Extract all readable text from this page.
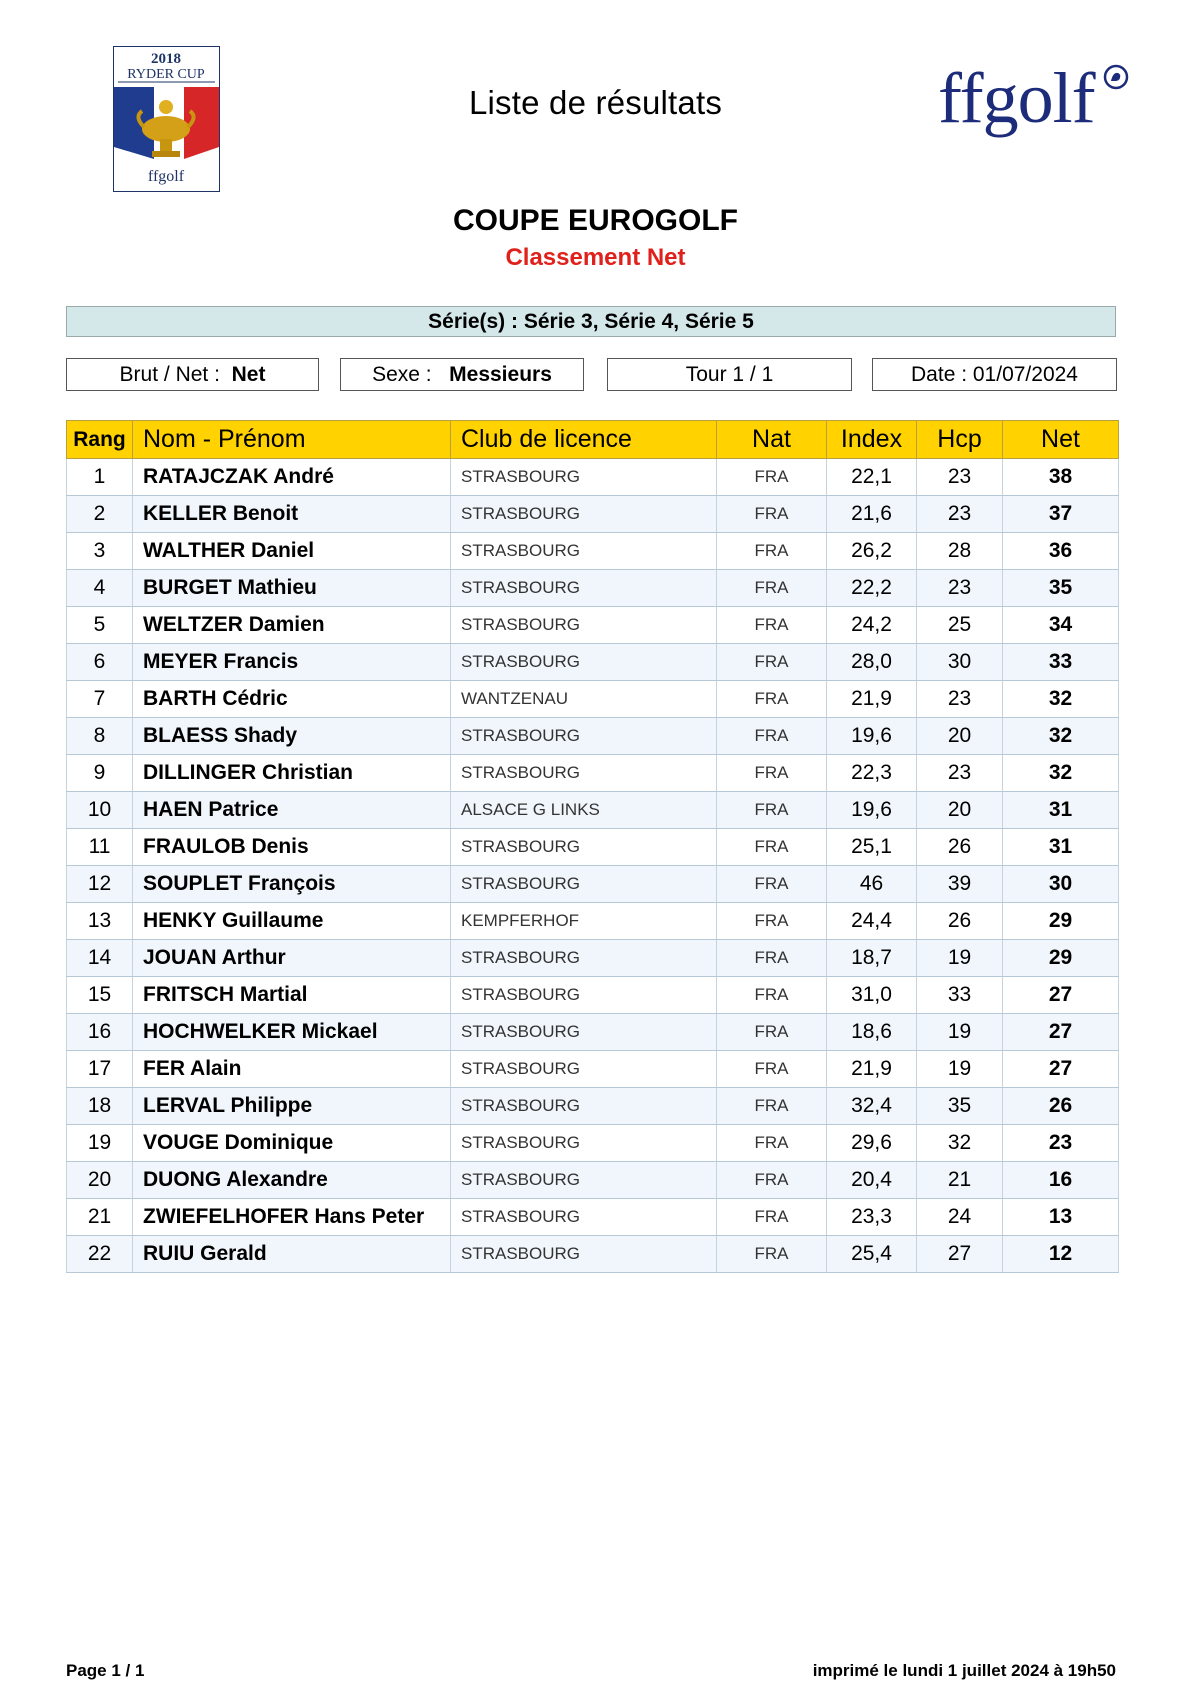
2018
RYDER CUP
ffgolf
Liste de résultats	ffgolf
COUPE EUROGOLF
Classement Net
Série(s) : Série 3, Série 4, Série 5
Brut / Net : Net	Sexe : Messieurs	Tour 1 / 1	Date : 01/07/2024
Rang	Nom - Prénom	Club de licence	Nat	Index	Hcp	Net
1	RATAJCZAK André	STRASBOURG	FRA	22,1	23	38
2	KELLER Benoit	STRASBOURG	FRA	21,6	23	37
3	WALTHER Daniel	STRASBOURG	FRA	26,2	28	36
4	BURGET Mathieu	STRASBOURG	FRA	22,2	23	35
5	WELTZER Damien	STRASBOURG	FRA	24,2	25	34
6	MEYER Francis	STRASBOURG	FRA	28,0	30	33
7	BARTH Cédric	WANTZENAU	FRA	21,9	23	32
8	BLAESS Shady	STRASBOURG	FRA	19,6	20	32
9	DILLINGER Christian	STRASBOURG	FRA	22,3	23	32
10	HAEN Patrice	ALSACE G LINKS	FRA	19,6	20	31
11	FRAULOB Denis	STRASBOURG	FRA	25,1	26	31
12	SOUPLET François	STRASBOURG	FRA	46	39	30
13	HENKY Guillaume	KEMPFERHOF	FRA	24,4	26	29
14	JOUAN Arthur	STRASBOURG	FRA	18,7	19	29
15	FRITSCH Martial	STRASBOURG	FRA	31,0	33	27
16	HOCHWELKER Mickael	STRASBOURG	FRA	18,6	19	27
17	FER Alain	STRASBOURG	FRA	21,9	19	27
18	LERVAL Philippe	STRASBOURG	FRA	32,4	35	26
19	VOUGE Dominique	STRASBOURG	FRA	29,6	32	23
20	DUONG Alexandre	STRASBOURG	FRA	20,4	21	16
21	ZWIEFELHOFER Hans Peter	STRASBOURG	FRA	23,3	24	13
22	RUIU Gerald	STRASBOURG	FRA	25,4	27	12
Page 1 / 1	imprimé le lundi 1 juillet 2024 à 19h50
